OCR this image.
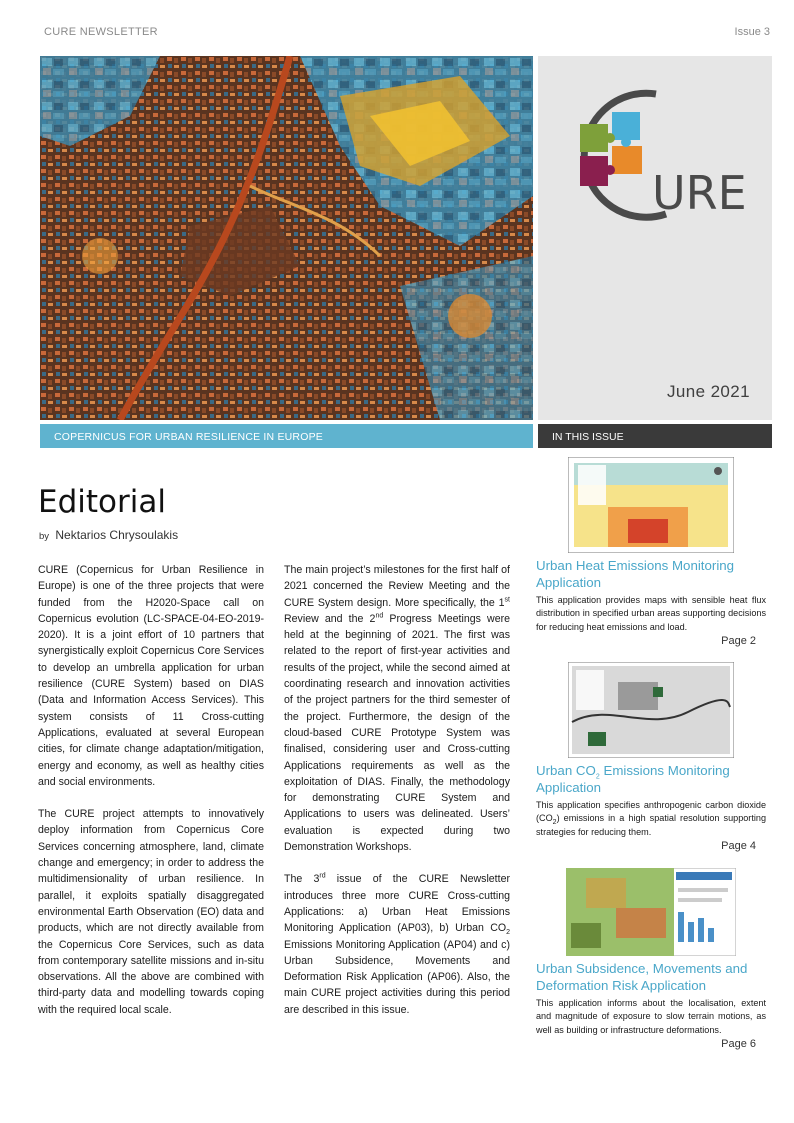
CURE NEWSLETTER	Issue 3
URE
June 2021
COPERNICUS FOR URBAN RESILIENCE IN EUROPE	IN THIS ISSUE
Editorial
by Nektarios Chrysoulakis

CURE (Copernicus for Urban Resilience in Europe) is one of the three projects that were funded from the H2020-Space call on Copernicus evolution (LC-SPACE-04-EO-2019-2020). It is a joint effort of 10 partners that synergistically exploit Copernicus Core Services to develop an umbrella application for urban resilience (CURE System) based on DIAS (Data and Information Access Services). This system consists of 11 Cross-cutting Applications, evaluated at several European cities, for climate change adaptation/mitigation, energy and economy, as well as healthy cities and social environments.

The CURE project attempts to innovatively deploy information from Copernicus Core Services concerning atmosphere, land, climate change and emergency; in order to address the multidimensionality of urban resilience. In parallel, it exploits spatially disaggregated environmental Earth Observation (EO) data and products, which are not directly available from the Copernicus Core Services, such as data from contemporary satellite missions and in-situ observations. All the above are combined with third-party data and modelling towards coping with the required local scale.

The main project’s milestones for the first half of 2021 concerned the Review Meeting and the CURE System design. More specifically, the 1st Review and the 2nd Progress Meetings were held at the beginning of 2021. The first was related to the report of first-year activities and results of the project, while the second aimed at coordinating research and innovation activities of the project partners for the third semester of the project. Furthermore, the design of the cloud-based CURE Prototype System was finalised, considering user and Cross-cutting Applications requirements as well as the exploitation of DIAS. Finally, the methodology for demonstrating CURE System and Applications to users was delineated. Users’ evaluation is expected during two Demonstration Workshops.

The 3rd issue of the CURE Newsletter introduces three more CURE Cross-cutting Applications: a) Urban Heat Emissions Monitoring Application (AP03), b) Urban $CO_2$ Emissions Monitoring Application (AP04) and c) Urban Subsidence, Movements and Deformation Risk Application (AP06). Also, the main CURE project activities during this period are described in this issue.

Urban Heat Emissions Monitoring Application
This application provides maps with sensible heat flux distribution in specified urban areas supporting decisions for reducing heat emissions and load.
Page 2
Urban $CO_2$ Emissions Monitoring Application
This application specifies anthropogenic carbon dioxide $(CO_2)$ emissions in a high spatial resolution supporting strategies for reducing them.
Page 4
Urban Subsidence, Movements and Deformation Risk Application
This application informs about the localisation, extent and magnitude of exposure to slow terrain motions, as well as building or infrastructure deformations.
Page 6
